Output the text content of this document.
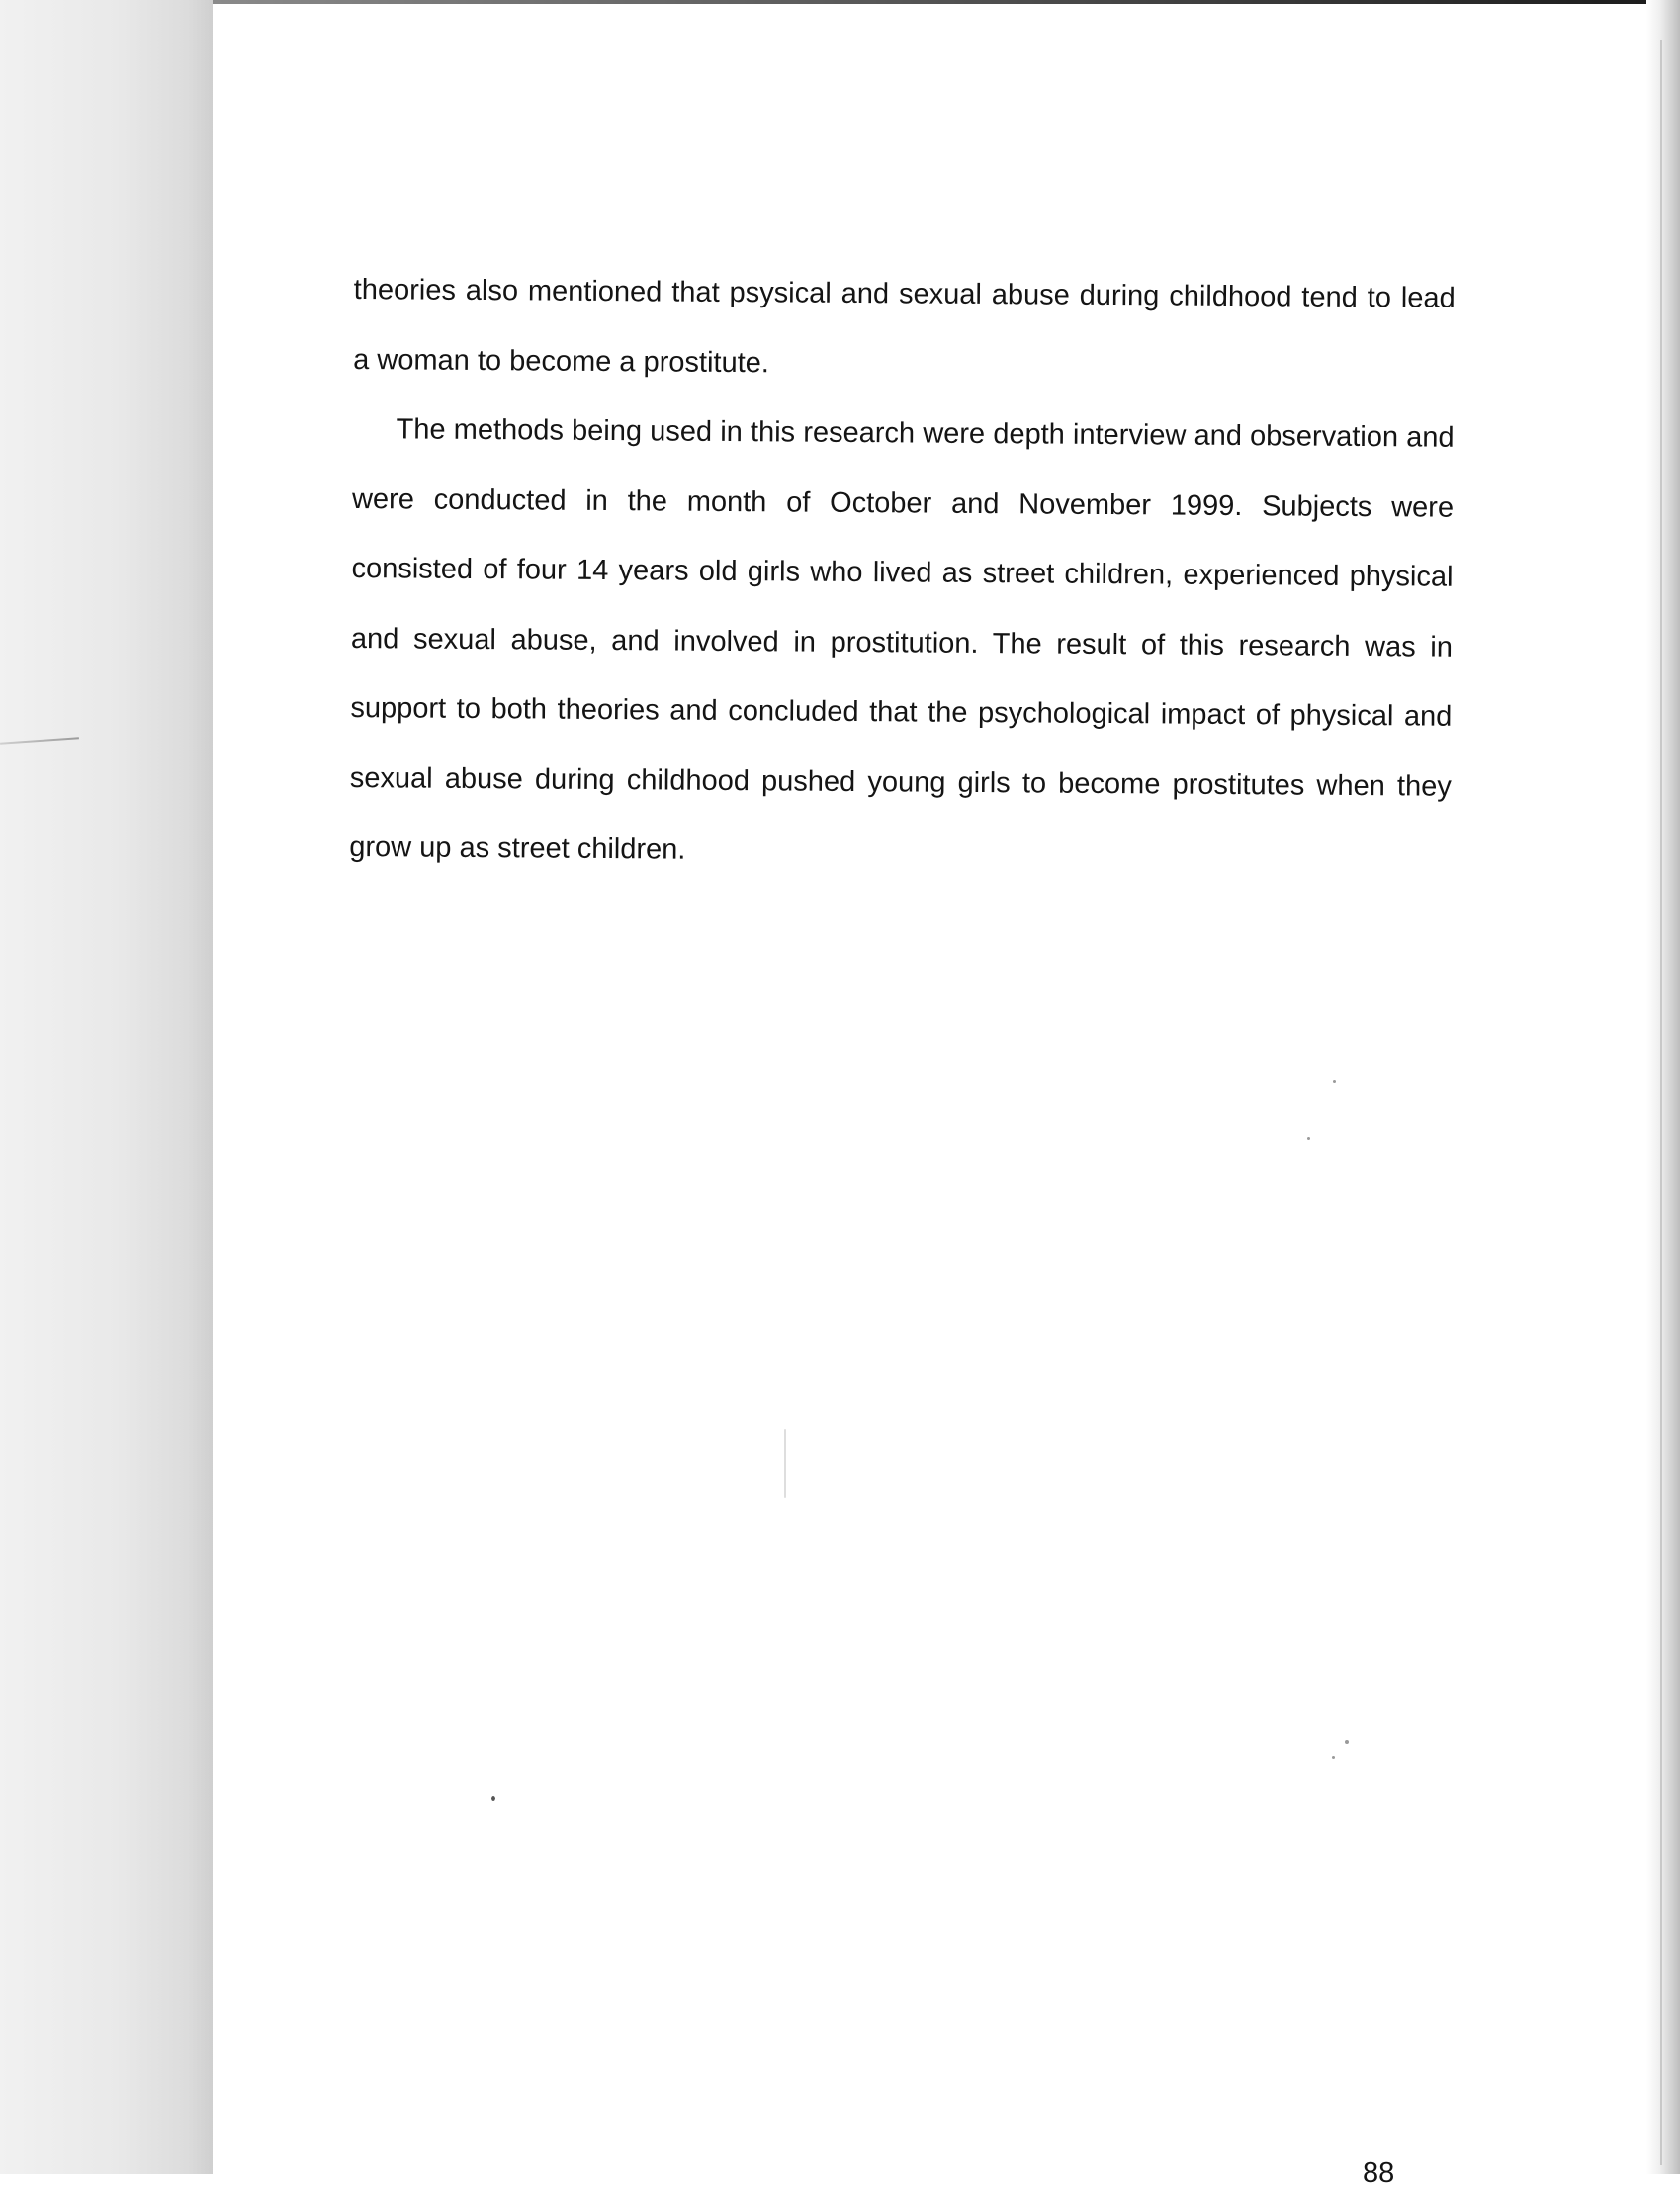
theories also mentioned that psysical and sexual abuse during childhood tend to lead a woman to become a prostitute.

The methods being used in this research were depth interview and observation and were conducted in the month of October and November 1999. Subjects were consisted of four 14 years old girls who lived as street children, experienced physical and sexual abuse, and involved in prostitution. The result of this research was in support to both theories and concluded that the psychological impact of physical and sexual abuse during childhood pushed young girls to become prostitutes when they grow up as street children.

88
